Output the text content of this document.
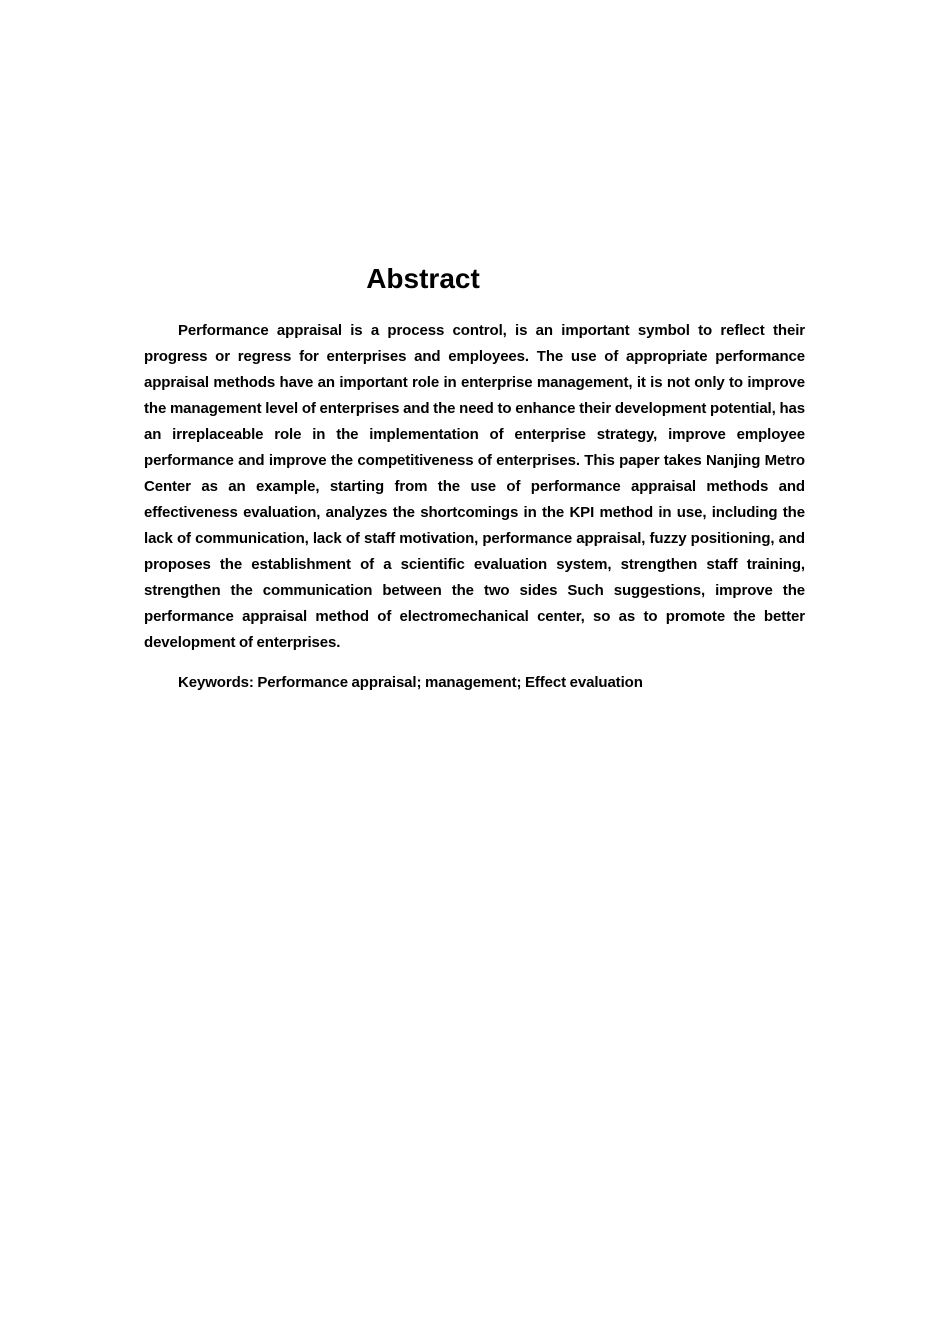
Abstract

Performance appraisal is a process control, is an important symbol to reflect their progress or regress for enterprises and employees. The use of appropriate performance appraisal methods have an important role in enterprise management, it is not only to improve the management level of enterprises and the need to enhance their development potential, has an irreplaceable role in the implementation of enterprise strategy, improve employee performance and improve the competitiveness of enterprises. This paper takes Nanjing Metro Center as an example, starting from the use of performance appraisal methods and effectiveness evaluation, analyzes the shortcomings in the KPI method in use, including the lack of communication, lack of staff motivation, performance appraisal, fuzzy positioning, and proposes the establishment of a scientific evaluation system, strengthen staff training, strengthen the communication between the two sides Such suggestions, improve the performance appraisal method of electromechanical center, so as to promote the better development of enterprises.

Keywords: Performance appraisal; management; Effect evaluation
